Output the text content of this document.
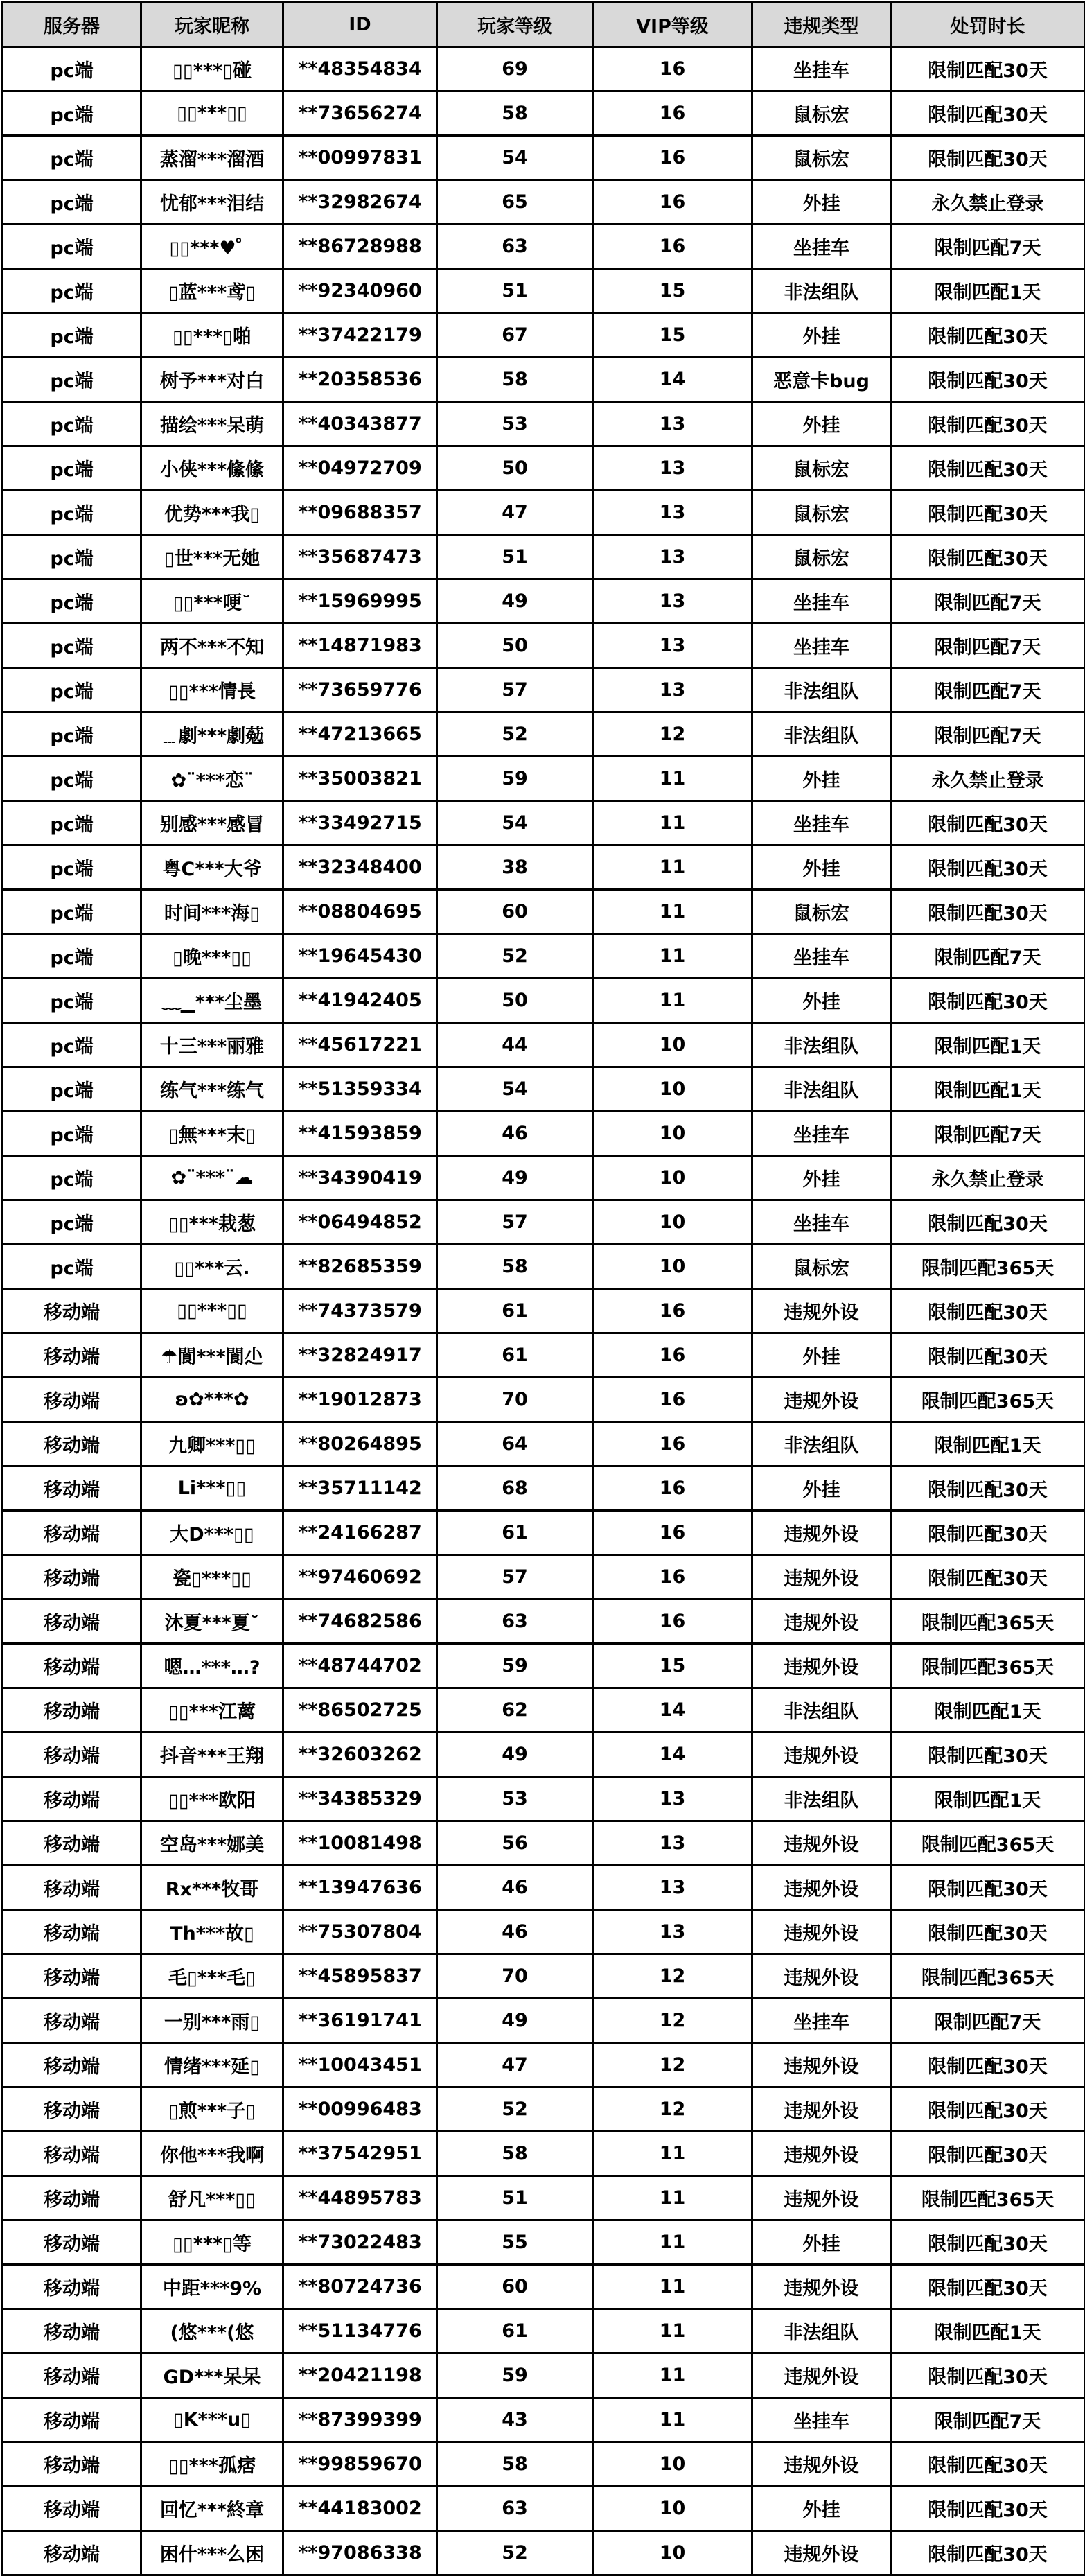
服务器	玩家昵称	ID	玩家等级	VIP等级	违规类型	处罚时长
pc端	▯▯***▯碰	**48354834	69	16	坐挂车	限制匹配30天
pc端	▯▯***▯▯	**73656274	58	16	鼠标宏	限制匹配30天
pc端	蒸溜***溜酒	**00997831	54	16	鼠标宏	限制匹配30天
pc端	忧郁***泪结	**32982674	65	16	外挂	永久禁止登录
pc端	▯▯***♥゜	**86728988	63	16	坐挂车	限制匹配7天
pc端	▯蓝***鸢▯	**92340960	51	15	非法组队	限制匹配1天
pc端	▯▯***▯啪	**37422179	67	15	外挂	限制匹配30天
pc端	树予***对白	**20358536	58	14	恶意卡bug	限制匹配30天
pc端	描绘***呆萌	**40343877	53	13	外挂	限制匹配30天
pc端	小侠***絛絛	**04972709	50	13	鼠标宏	限制匹配30天
pc端	优势***我▯	**09688357	47	13	鼠标宏	限制匹配30天
pc端	▯世***无她	**35687473	51	13	鼠标宏	限制匹配30天
pc端	▯▯***哽˘	**15969995	49	13	坐挂车	限制匹配7天
pc端	两不***不知	**14871983	50	13	坐挂车	限制匹配7天
pc端	▯▯***情長	**73659776	57	13	非法组队	限制匹配7天
pc端	﹍劇***劇葂	**47213665	52	12	非法组队	限制匹配7天
pc端	✿¨***恋¨	**35003821	59	11	外挂	永久禁止登录
pc端	别感***感冒	**33492715	54	11	坐挂车	限制匹配30天
pc端	粤C***大爷	**32348400	38	11	外挂	限制匹配30天
pc端	时间***海▯	**08804695	60	11	鼠标宏	限制匹配30天
pc端	▯晚***▯▯	**19645430	52	11	坐挂车	限制匹配7天
pc端	﹏▁***尘墨	**41942405	50	11	外挂	限制匹配30天
pc端	十三***丽雅	**45617221	44	10	非法组队	限制匹配1天
pc端	练气***练气	**51359334	54	10	非法组队	限制匹配1天
pc端	▯無***末▯	**41593859	46	10	坐挂车	限制匹配7天
pc端	✿¨***¨☁	**34390419	49	10	外挂	永久禁止登录
pc端	▯▯***栽葱	**06494852	57	10	坐挂车	限制匹配30天
pc端	▯▯***云.	**82685359	58	10	鼠标宏	限制匹配365天
移动端	▯▯***▯▯	**74373579	61	16	违规外设	限制匹配30天
移动端	☂閬***閬尐	**32824917	61	16	外挂	限制匹配30天
移动端	ʚ✿***✿	**19012873	70	16	违规外设	限制匹配365天
移动端	九卿***▯▯	**80264895	64	16	非法组队	限制匹配1天
移动端	Li***▯▯	**35711142	68	16	外挂	限制匹配30天
移动端	大D***▯▯	**24166287	61	16	违规外设	限制匹配30天
移动端	瓷▯***▯▯	**97460692	57	16	违规外设	限制匹配30天
移动端	沐夏***夏˘	**74682586	63	16	违规外设	限制匹配365天
移动端	嗯…***…?	**48744702	59	15	违规外设	限制匹配365天
移动端	▯▯***江蓠	**86502725	62	14	非法组队	限制匹配1天
移动端	抖音***王翔	**32603262	49	14	违规外设	限制匹配30天
移动端	▯▯***欧阳	**34385329	53	13	非法组队	限制匹配1天
移动端	空岛***娜美	**10081498	56	13	违规外设	限制匹配365天
移动端	Rx***牧哥	**13947636	46	13	违规外设	限制匹配30天
移动端	Th***故▯	**75307804	46	13	违规外设	限制匹配30天
移动端	毛▯***毛▯	**45895837	70	12	违规外设	限制匹配365天
移动端	一别***雨▯	**36191741	49	12	坐挂车	限制匹配7天
移动端	情绪***延▯	**10043451	47	12	违规外设	限制匹配30天
移动端	▯煎***子▯	**00996483	52	12	违规外设	限制匹配30天
移动端	你他***我啊	**37542951	58	11	违规外设	限制匹配30天
移动端	舒凡***▯▯	**44895783	51	11	违规外设	限制匹配365天
移动端	▯▯***▯等	**73022483	55	11	外挂	限制匹配30天
移动端	中距***9%	**80724736	60	11	违规外设	限制匹配30天
移动端	(悠***(悠	**51134776	61	11	非法组队	限制匹配1天
移动端	GD***呆呆	**20421198	59	11	违规外设	限制匹配30天
移动端	▯K***u▯	**87399399	43	11	坐挂车	限制匹配7天
移动端	▯▯***孤痞	**99859670	58	10	违规外设	限制匹配30天
移动端	回忆***終章	**44183002	63	10	外挂	限制匹配30天
移动端	困什***么困	**97086338	52	10	违规外设	限制匹配30天
